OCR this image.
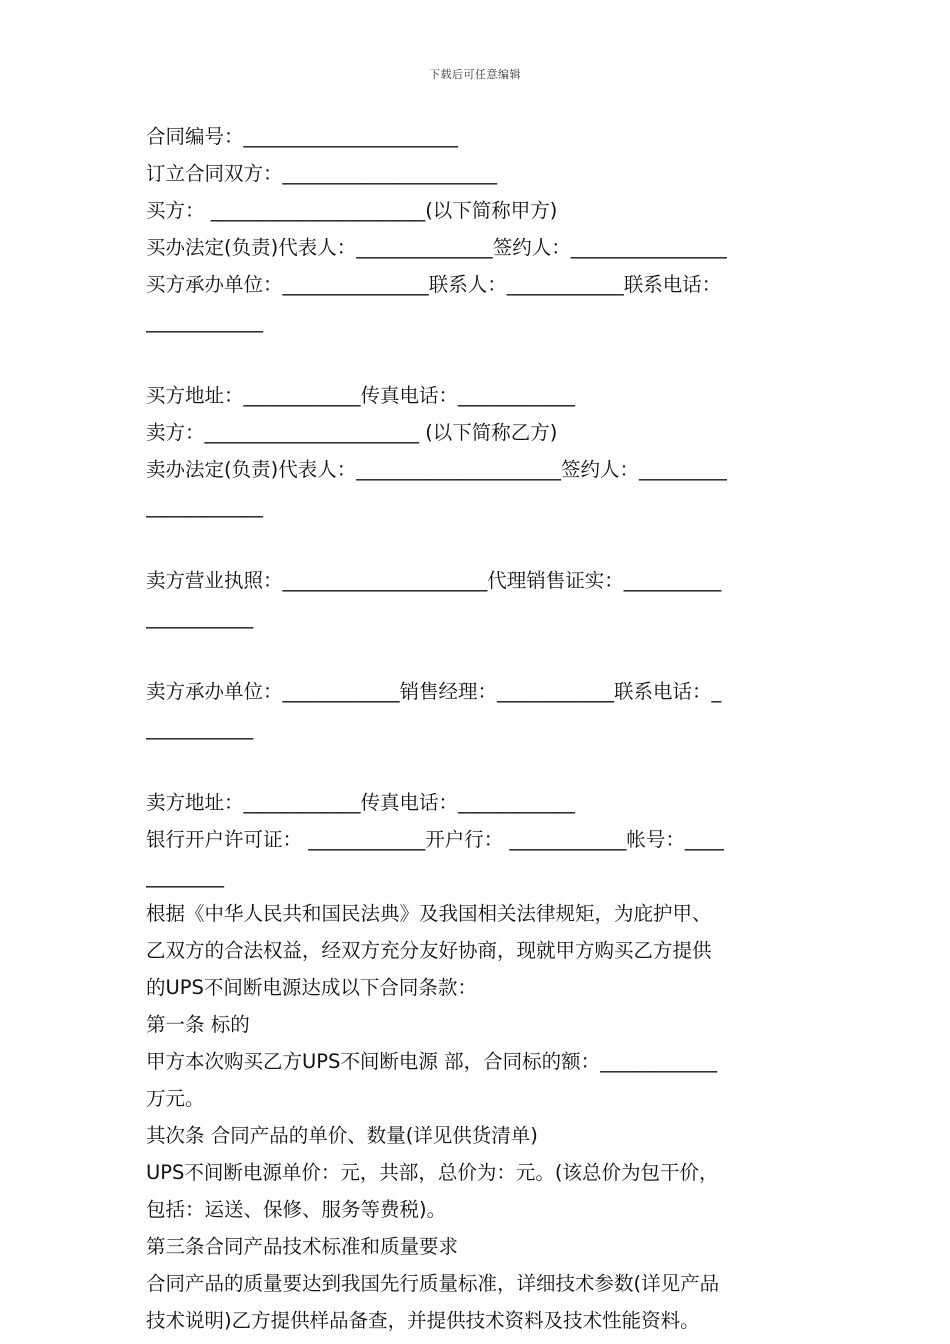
下载后可任意编辑
合同编号：______________________
订立合同双方：______________________
买方： ______________________(以下简称甲方)
买办法定(负责)代表人：______________签约人：________________
买方承办单位：_______________联系人：____________联系电话：
____________
买方地址：____________传真电话：____________
卖方：______________________ (以下简称乙方)
卖办法定(负责)代表人：_____________________签约人：_________
____________
卖方营业执照：_____________________代理销售证实：__________
___________
卖方承办单位：____________销售经理：____________联系电话：_
___________
卖方地址：____________传真电话：____________
银行开户许可证： ____________开户行： ____________帐号：____
________
根据《中华人民共和国民法典》及我国相关法律规矩，为庇护甲、
乙双方的合法权益，经双方充分友好协商，现就甲方购买乙方提供
的UPS不间断电源达成以下合同条款：
第一条 标的
甲方本次购买乙方UPS不间断电源 部，合同标的额：____________
万元。
其次条 合同产品的单价、数量(详见供货清单)
UPS不间断电源单价：元，共部，总价为：元。(该总价为包干价，
包括：运送、保修、服务等费税)。
第三条合同产品技术标准和质量要求
合同产品的质量要达到我国先行质量标准，详细技术参数(详见产品
技术说明)乙方提供样品备查，并提供技术资料及技术性能资料。
